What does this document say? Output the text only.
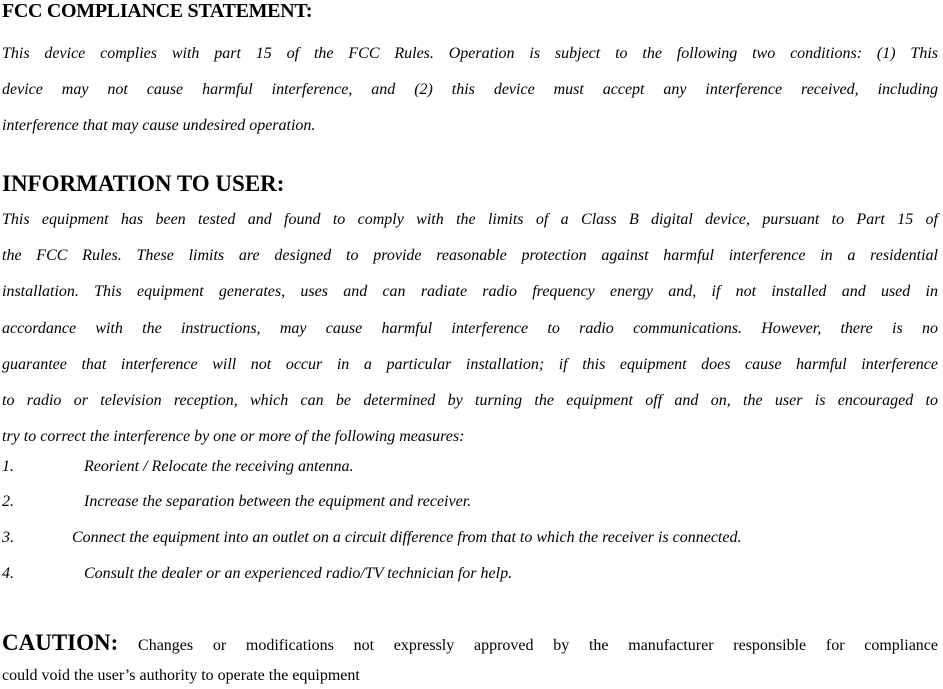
FCC COMPLIANCE STATEMENT:

This device complies with part 15 of the FCC Rules. Operation is subject to the following two conditions: (1) This
device may not cause harmful interference, and (2) this device must accept any interference received, including
interference that may cause undesired operation.

INFORMATION TO USER:

This equipment has been tested and found to comply with the limits of a Class B digital device, pursuant to Part 15 of
the FCC Rules. These limits are designed to provide reasonable protection against harmful interference in a residential
installation. This equipment generates, uses and can radiate radio frequency energy and, if not installed and used in
accordance with the instructions, may cause harmful interference to radio communications. However, there is no
guarantee that interference will not occur in a particular installation; if this equipment does cause harmful interference
to radio or television reception, which can be determined by turning the equipment off and on, the user is encouraged to
try to correct the interference by one or more of the following measures:

1.	Reorient / Relocate the receiving antenna.
2.	Increase the separation between the equipment and receiver.
3.	Connect the equipment into an outlet on a circuit difference from that to which the receiver is connected.
4.	Consult the dealer or an experienced radio/TV technician for help.

CAUTION: Changes or modifications not expressly approved by the manufacturer responsible for compliance
could void the user’s authority to operate the equipment
